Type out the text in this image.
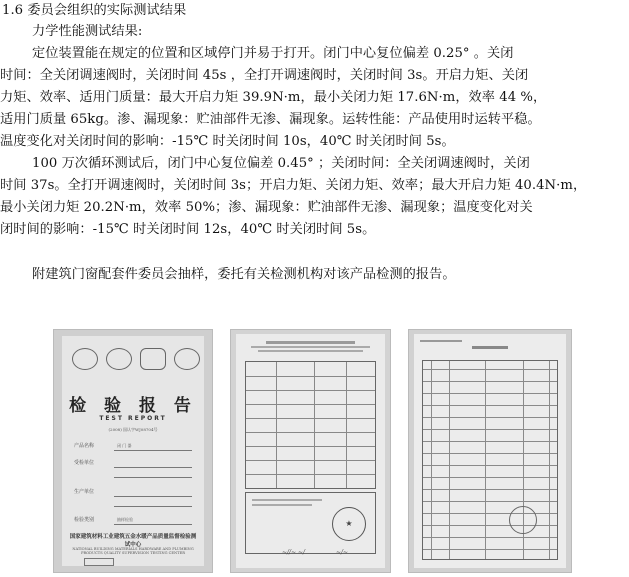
1.6 委员会组织的实际测试结果
力学性能测试结果:
定位装置能在规定的位置和区域停门并易于打开。闭门中心复位偏差 0.25° 。关闭
时间：全关闭调速阀时，关闭时间 45s ，全打开调速阀时，关闭时间 3s。开启力矩、关闭
力矩、效率、适用门质量：最大开启力矩 39.9N·m，最小关闭力矩 17.6N·m，效率 44 %，
适用门质量 65kg。渗、漏现象：贮油部件无渗、漏现象。运转性能：产品使用时运转平稳。
温度变化对关闭时间的影响：-15℃ 时关闭时间 10s，40℃ 时关闭时间 5s。
100 万次循环测试后，闭门中心复位偏差 0.45° ；关闭时间：全关闭调速阀时，关闭
时间 37s。全打开调速阀时，关闭时间 3s；开启力矩、关闭力矩、效率；最大开启力矩 40.4N·m，
最小关闭力矩 20.2N·m，效率 50%；渗、漏现象：贮油部件无渗、漏现象；温度变化对关
闭时间的影响：-15℃ 时关闭时间 12s，40℃ 时关闭时间 5s。
附建筑门窗配套件委员会抽样，委托有关检测机构对该产品检测的报告。
检 验 报 告
TEST REPORT
(2008) 国认字WJ08704号
产品名称	闭 门 器
受检单位
生产单位
检验类别	抽样检验
国家建筑材料工业建筑五金水暖产品质量监督检验测试中心
NATIONAL BUILDING MATERIALS HARDWARE AND PLUMBING PRODUCTS QUALITY SUPERVISION TESTING CENTER
★
~//~ ~/	~/~
